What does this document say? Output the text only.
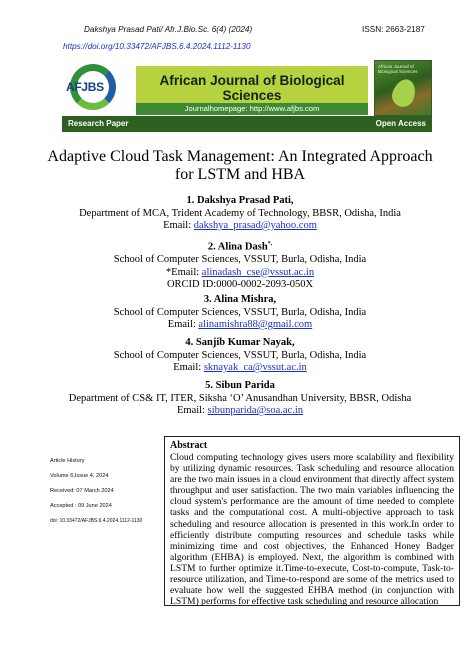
Dakshya Prasad Pati/ Afr.J.Bio.Sc. 6(4) (2024)	ISSN: 2663-2187
https://doi.org/10.33472/AFJBS.6.4.2024.1112-1130
AFJBS	African Journal of Biological Sciences
Journalhomepage: http://www.afjbs.com
African Journal of Biological Sciences
Research Paper	Open Access
Adaptive Cloud Task Management: An Integrated Approach
for LSTM and HBA
1. Dakshya Prasad Pati,
Department of MCA, Trident Academy of Technology, BBSR, Odisha, India
Email: dakshya_prasad@yahoo.com
2. Alina Dash*,
School of Computer Sciences, VSSUT, Burla, Odisha, India
*Email: alinadash_cse@vssut.ac.in
ORCID ID:0000-0002-2093-050X
3. Alina Mishra,
School of Computer Sciences, VSSUT, Burla, Odisha, India
Email: alinamishra88@gmail.com
4. Sanjib Kumar Nayak,
School of Computer Sciences, VSSUT, Burla, Odisha, India
Email: sknayak_ca@vssut.ac.in
5. Sibun Parida
Department of CS& IT, ITER, Siksha ‘O’ Anusandhan University, BBSR, Odisha
Email: sibunparida@soa.ac.in
Article History
Volume 6,Issue 4, 2024
Received: 07 March 2024
Accepted : 09 June 2024
doi: 10.33472/AFJBS.6.4.2024.1112-1130
Abstract
Cloud computing technology gives users more scalability and flexibility by utilizing dynamic resources. Task scheduling and resource allocation are the two main issues in a cloud environment that directly affect system throughput and user satisfaction. The two main variables influencing the cloud system's performance are the amount of time needed to complete tasks and the computational cost. A multi-objective approach to task scheduling and resource allocation is presented in this work.In order to efficiently distribute computing resources and schedule tasks while minimizing time and cost objectives, the Enhanced Honey Badger algorithm (EHBA) is employed. Next, the algorithm is combined with LSTM to further optimize it.Time-to-execute, Cost-to-compute, Task-to-resource utilization, and Time-to-respond are some of the metrics used to evaluate how well the suggested EHBA method (in conjunction with LSTM) performs for effective task scheduling and resource allocation
